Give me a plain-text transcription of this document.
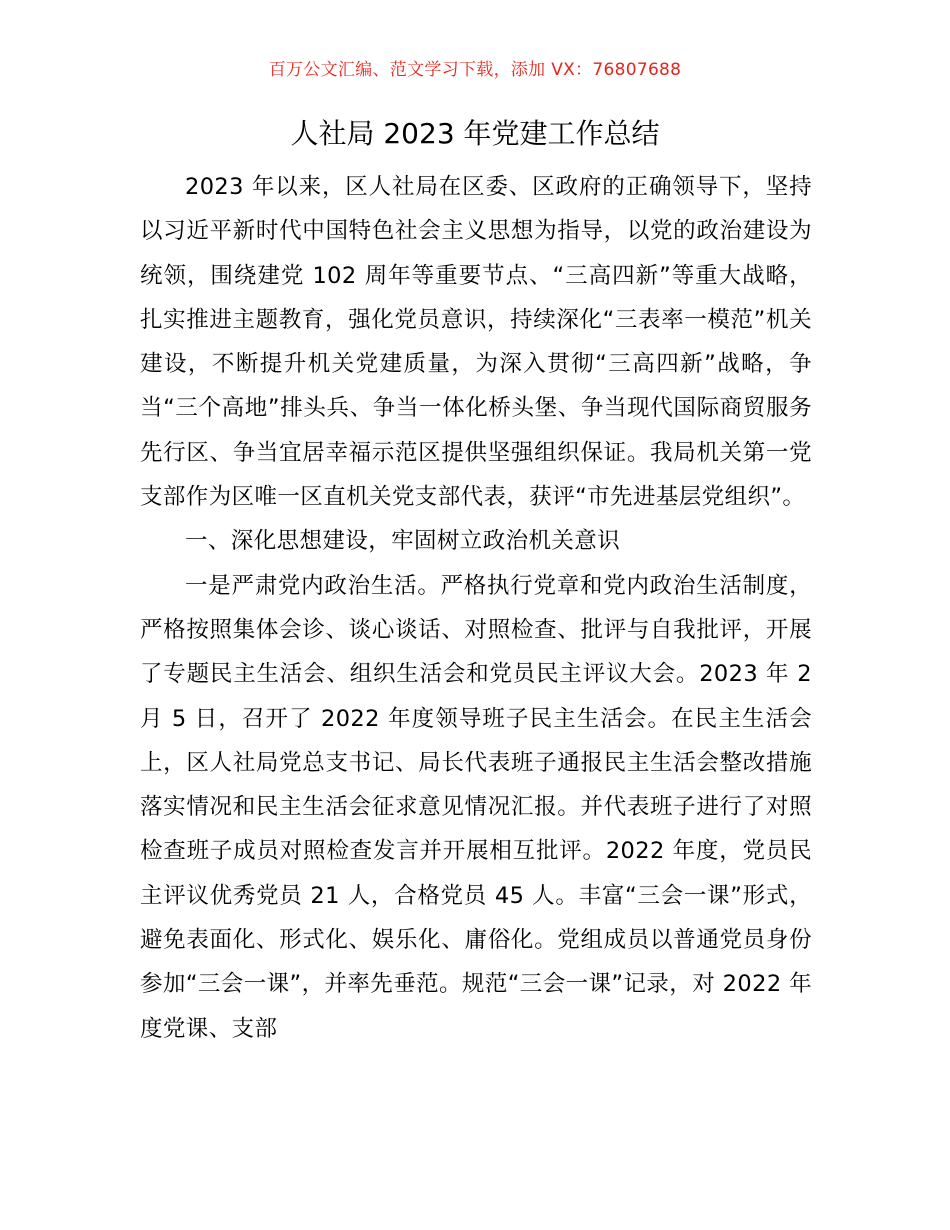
百万公文汇编、范文学习下载，添加 VX：76807688
人社局 2023 年党建工作总结

2023 年以来，区人社局在区委、区政府的正确领导下，坚持以习近平新时代中国特色社会主义思想为指导，以党的政治建设为统领，围绕建党 102 周年等重要节点、“三高四新”等重大战略，扎实推进主题教育，强化党员意识，持续深化“三表率一模范”机关建设，不断提升机关党建质量，为深入贯彻“三高四新”战略，争当“三个高地”排头兵、争当一体化桥头堡、争当现代国际商贸服务先行区、争当宜居幸福示范区提供坚强组织保证。我局机关第一党支部作为区唯一区直机关党支部代表，获评“市先进基层党组织”。

一、深化思想建设，牢固树立政治机关意识

一是严肃党内政治生活。严格执行党章和党内政治生活制度，严格按照集体会诊、谈心谈话、对照检查、批评与自我批评，开展了专题民主生活会、组织生活会和党员民主评议大会。2023 年 2 月 5 日，召开了 2022 年度领导班子民主生活会。在民主生活会上，区人社局党总支书记、局长代表班子通报民主生活会整改措施落实情况和民主生活会征求意见情况汇报。并代表班子进行了对照检查班子成员对照检查发言并开展相互批评。2022 年度，党员民主评议优秀党员 21 人，合格党员 45 人。丰富“三会一课”形式，避免表面化、形式化、娱乐化、庸俗化。党组成员以普通党员身份参加“三会一课”，并率先垂范。规范“三会一课”记录，对 2022 年度党课、支部
